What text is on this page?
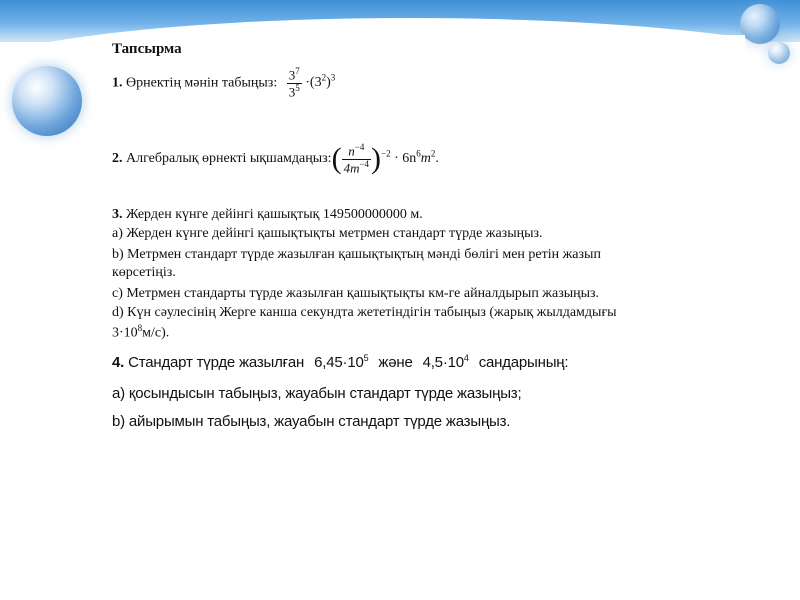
Тапсырма
1. Өрнектің мәнін табыңыз: $\frac{3^7}{3^5} \cdot(3^2)^3$
2. Алгебралық өрнекті ықшамдаңыз:( $\frac{n^{-4}}{4m^{-4}} )^{-2} \cdot 6n^6m^2$.
3. Жерден күнге дейінгі қашықтық 149500000000 м.
a) Жерден күнге дейінгі қашықтықты метрмен стандарт түрде жазыңыз.
b) Метрмен стандарт түрде жазылған қашықтықтың мәнді бөлігі мен ретін жазып
көрсетіңіз.
c) Метрмен стандарты түрде жазылған қашықтықты км-ге айналдырып жазыңыз.
d) Күн сәулесінің Жерге канша секундта жететіндігін табыңыз (жарық жылдамдығы
$3\cdot 10^8м/с$).
4. Стандарт түрде жазылған $6,45\cdot 10^5$ және $4,5\cdot 10^4$ сандарының:
а) қосындысын табыңыз, жауабын стандарт түрде жазыңыз;
b) айырымын табыңыз, жауабын стандарт түрде жазыңыз.
